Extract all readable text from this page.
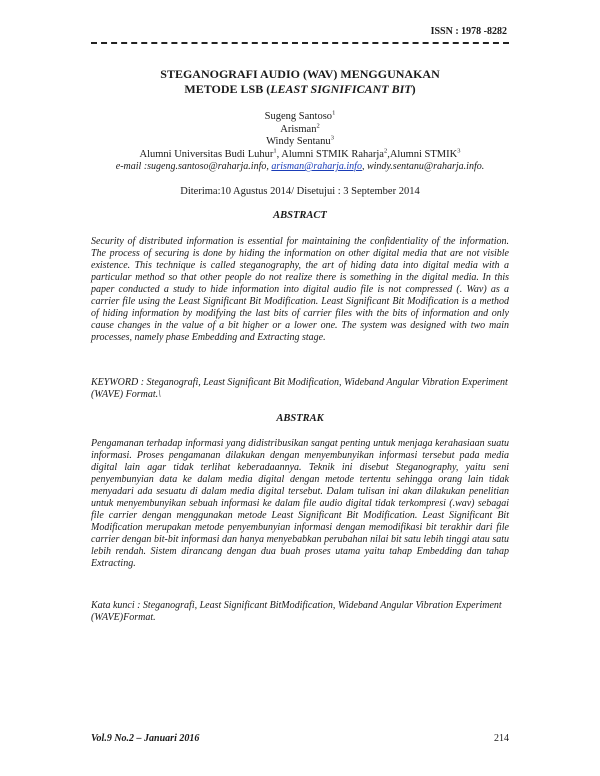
ISSN : 1978 -8282
STEGANOGRAFI AUDIO (WAV) MENGGUNAKAN
METODE LSB (LEAST SIGNIFICANT BIT)
Sugeng Santoso$^1$
Arisman$^2$
Windy Sentanu$^3$
Alumni Universitas Budi Luhur$^1$, Alumni STMIK Raharja$^2$,Alumni STMIK$^3$
e-mail :sugeng.santoso@raharja.info, arisman@raharja.info, windy.sentanu@raharja.info.
Diterima:10 Agustus 2014/ Disetujui : 3 September 2014
ABSTRACT
Security of distributed information is essential for maintaining the confidentiality of the information. The process of securing is done by hiding the information on other digital media that are not visible existence. This technique is called steganography, the art of hiding data into digital media with a particular method so that other people do not realize there is something in the digital media. In this paper conducted a study to hide information into digital audio file is not compressed (. Wav) as a carrier file using the Least Significant Bit Modification. Least Significant Bit Modification is a method of hiding information by modifying the last bits of carrier files with the bits of information and only cause changes in the value of a bit higher or a lower one. The system was designed with two main processes, namely phase Embedding and Extracting stage.
KEYWORD : Steganografi, Least Significant Bit Modification, Wideband Angular Vibration Experiment (WAVE) Format.\
ABSTRAK
Pengamanan terhadap informasi yang didistribusikan sangat penting untuk menjaga kerahasiaan suatu informasi. Proses pengamanan dilakukan dengan menyembunyikan informasi tersebut pada media digital lain agar tidak terlihat keberadaannya. Teknik ini disebut Steganography, yaitu seni penyembunyian data ke dalam media digital dengan metode tertentu sehingga orang lain tidak menyadari ada sesuatu di dalam media digital tersebut. Dalam tulisan ini akan dilakukan penelitian untuk menyembunyikan sebuah informasi ke dalam file audio digital tidak terkompresi (.wav) sebagai file carrier dengan menggunakan metode Least Significant Bit Modification. Least Significant Bit Modification merupakan metode penyembunyian informasi dengan memodifikasi bit terakhir dari file carrier dengan bit-bit informasi dan hanya menyebabkan perubahan nilai bit satu lebih tinggi atau satu lebih rendah. Sistem dirancang dengan dua buah proses utama yaitu tahap Embedding dan tahap Extracting.
Kata kunci : Steganografi, Least Significant BitModification, Wideband Angular Vibration Experiment (WAVE)Format.
Vol.9 No.2 – Januari 2016	214
